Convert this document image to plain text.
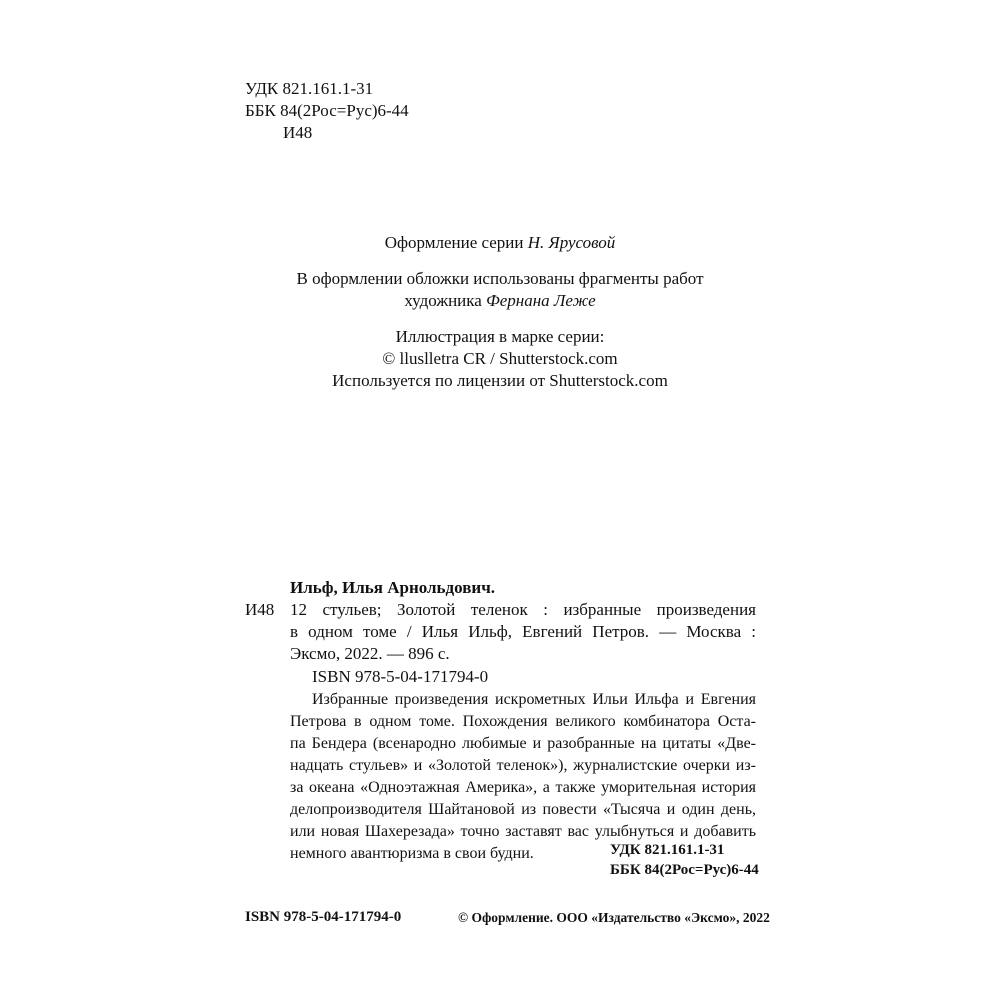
УДК 821.161.1-31
ББК 84(2Рос=Рус)6-44
И48
Оформление серии Н. Ярусовой
В оформлении обложки использованы фрагменты работ
художника Фернана Леже
Иллюстрация в марке серии:
© lluslletra CR / Shutterstock.com
Используется по лицензии от Shutterstock.com
Ильф, Илья Арнольдович.
И48 12 стульев; Золотой теленок : избранные произведения
в одном томе / Илья Ильф, Евгений Петров. — Москва :
Эксмо, 2022. — 896 с.
ISBN 978-5-04-171794-0
Избранные произведения искрометных Ильи Ильфа и Евгения
Петрова в одном томе. Похождения великого комбинатора Оста-
па Бендера (всенародно любимые и разобранные на цитаты «Две-
надцать стульев» и «Золотой теленок»), журналистские очерки из-
за океана «Одноэтажная Америка», а также уморительная история
делопроизводителя Шайтановой из повести «Тысяча и один день,
или новая Шахерезада» точно заставят вас улыбнуться и добавить
немного авантюризма в свои будни.	УДК 821.161.1-31
ББК 84(2Рос=Рус)6-44
ISBN 978-5-04-171794-0	© Оформление. ООО «Издательство «Эксмо», 2022
